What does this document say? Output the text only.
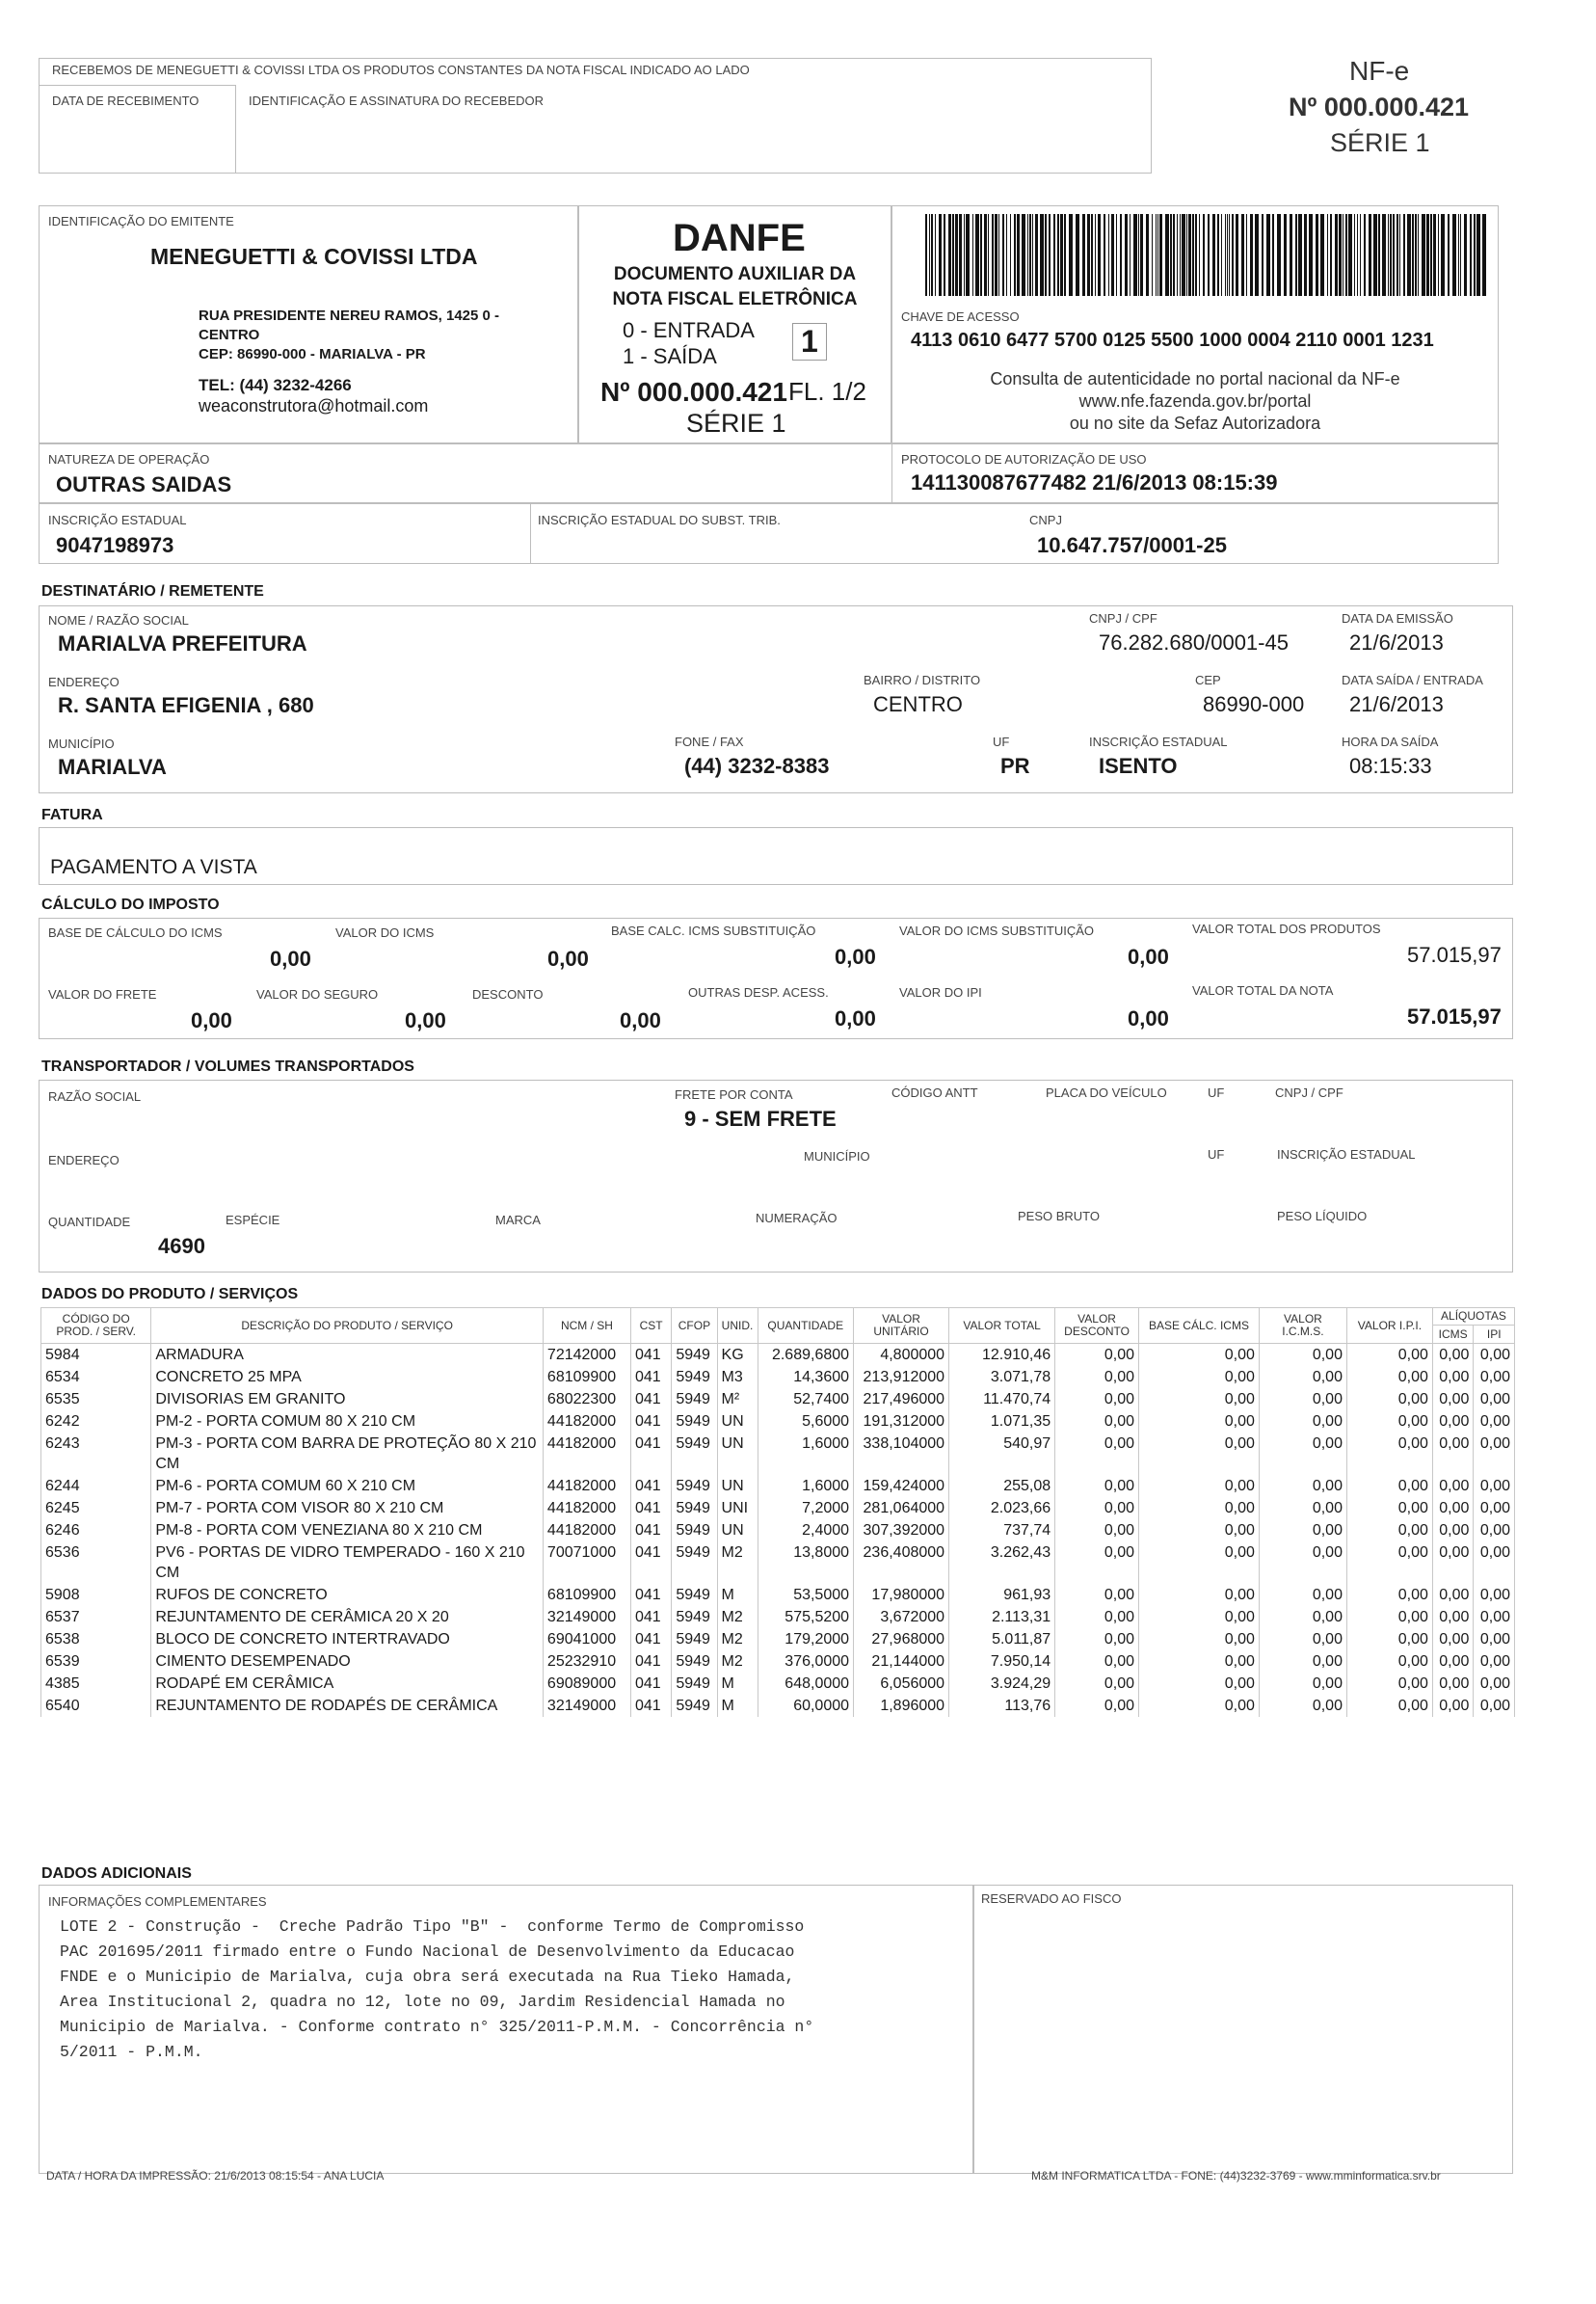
RECEBEMOS DE MENEGUETTI & COVISSI LTDA OS PRODUTOS CONSTANTES DA NOTA FISCAL INDICADO AO LADO
DATA DE RECEBIMENTO	IDENTIFICAÇÃO E ASSINATURA DO RECEBEDOR
NF-e
Nº 000.000.421
SÉRIE 1
IDENTIFICAÇÃO DO EMITENTE
MENEGUETTI & COVISSI LTDA
RUA PRESIDENTE NEREU RAMOS, 1425 0 -
CENTRO
CEP: 86990-000 - MARIALVA - PR
TEL: (44) 3232-4266
weaconstrutora@hotmail.com
DANFE
DOCUMENTO AUXILIAR DA
NOTA FISCAL ELETRÔNICA
0 - ENTRADA
1 - SAÍDA	1
Nº 000.000.421 FL. 1/2
SÉRIE 1
CHAVE DE ACESSO
4113 0610 6477 5700 0125 5500 1000 0004 2110 0001 1231
Consulta de autenticidade no portal nacional da NF-e
www.nfe.fazenda.gov.br/portal
ou no site da Sefaz Autorizadora
NATUREZA DE OPERAÇÃO
OUTRAS SAIDAS
PROTOCOLO DE AUTORIZAÇÃO DE USO
141130087677482 21/6/2013 08:15:39
INSCRIÇÃO ESTADUAL
9047198973
INSCRIÇÃO ESTADUAL DO SUBST. TRIB.	CNPJ
10.647.757/0001-25
DESTINATÁRIO / REMETENTE
NOME / RAZÃO SOCIAL
MARIALVA PREFEITURA
CNPJ / CPF
76.282.680/0001-45
DATA DA EMISSÃO
21/6/2013
ENDEREÇO
R. SANTA EFIGENIA , 680
BAIRRO / DISTRITO
CENTRO
CEP
86990-000
DATA SAÍDA / ENTRADA
21/6/2013
MUNICÍPIO
MARIALVA
FONE / FAX
(44) 3232-8383
UF
PR
INSCRIÇÃO ESTADUAL
ISENTO
HORA DA SAÍDA
08:15:33
FATURA
PAGAMENTO A VISTA
CÁLCULO DO IMPOSTO
BASE DE CÁLCULO DO ICMS
0,00
VALOR DO ICMS
0,00
BASE CALC. ICMS SUBSTITUIÇÃO
0,00
VALOR DO ICMS SUBSTITUIÇÃO
0,00
VALOR TOTAL DOS PRODUTOS
57.015,97
VALOR DO FRETE
0,00
VALOR DO SEGURO
0,00
DESCONTO
0,00
OUTRAS DESP. ACESS.
0,00
VALOR DO IPI
0,00
VALOR TOTAL DA NOTA
57.015,97
TRANSPORTADOR / VOLUMES TRANSPORTADOS
RAZÃO SOCIAL	FRETE POR CONTA
9 - SEM FRETE
CÓDIGO ANTT	PLACA DO VEÍCULO	UF	CNPJ / CPF
ENDEREÇO	MUNICÍPIO	UF	INSCRIÇÃO ESTADUAL
QUANTIDADE
4690
ESPÉCIE	MARCA	NUMERAÇÃO	PESO BRUTO	PESO LÍQUIDO
DADOS DO PRODUTO / SERVIÇOS
CÓDIGO DO PROD. / SERV.	DESCRIÇÃO DO PRODUTO / SERVIÇO	NCM / SH	CST	CFOP	UNID.	QUANTIDADE	VALOR UNITÁRIO	VALOR TOTAL	VALOR DESCONTO	BASE CÁLC. ICMS	VALOR I.C.M.S.	VALOR I.P.I.	ALÍQUOTAS	
													ICMS	IPI
5984	ARMADURA	72142000	041	5949	KG	2.689,6800	4,800000	12.910,46	0,00	0,00	0,00	0,00	0,00	0,00
6534	CONCRETO 25 MPA	68109900	041	5949	M3	14,3600	213,912000	3.071,78	0,00	0,00	0,00	0,00	0,00	0,00
6535	DIVISORIAS EM GRANITO	68022300	041	5949	M²	52,7400	217,496000	11.470,74	0,00	0,00	0,00	0,00	0,00	0,00
6242	PM-2 - PORTA COMUM 80 X 210 CM	44182000	041	5949	UN	5,6000	191,312000	1.071,35	0,00	0,00	0,00	0,00	0,00	0,00
6243	PM-3 - PORTA COM BARRA DE PROTEÇÃO 80 X 210 CM	44182000	041	5949	UN	1,6000	338,104000	540,97	0,00	0,00	0,00	0,00	0,00	0,00
6244	PM-6 - PORTA COMUM 60 X 210 CM	44182000	041	5949	UN	1,6000	159,424000	255,08	0,00	0,00	0,00	0,00	0,00	0,00
6245	PM-7 - PORTA COM VISOR 80 X 210 CM	44182000	041	5949	UNI	7,2000	281,064000	2.023,66	0,00	0,00	0,00	0,00	0,00	0,00
6246	PM-8 - PORTA COM VENEZIANA 80 X 210 CM	44182000	041	5949	UN	2,4000	307,392000	737,74	0,00	0,00	0,00	0,00	0,00	0,00
6536	PV6 - PORTAS DE VIDRO TEMPERADO - 160 X 210 CM	70071000	041	5949	M2	13,8000	236,408000	3.262,43	0,00	0,00	0,00	0,00	0,00	0,00
5908	RUFOS DE CONCRETO	68109900	041	5949	M	53,5000	17,980000	961,93	0,00	0,00	0,00	0,00	0,00	0,00
6537	REJUNTAMENTO DE CERÂMICA 20 X 20	32149000	041	5949	M2	575,5200	3,672000	2.113,31	0,00	0,00	0,00	0,00	0,00	0,00
6538	BLOCO DE CONCRETO INTERTRAVADO	69041000	041	5949	M2	179,2000	27,968000	5.011,87	0,00	0,00	0,00	0,00	0,00	0,00
6539	CIMENTO DESEMPENADO	25232910	041	5949	M2	376,0000	21,144000	7.950,14	0,00	0,00	0,00	0,00	0,00	0,00
4385	RODAPÉ EM CERÂMICA	69089000	041	5949	M	648,0000	6,056000	3.924,29	0,00	0,00	0,00	0,00	0,00	0,00
6540	REJUNTAMENTO DE RODAPÉS DE CERÂMICA	32149000	041	5949	M	60,0000	1,896000	113,76	0,00	0,00	0,00	0,00	0,00	0,00
DADOS ADICIONAIS
INFORMAÇÕES COMPLEMENTARES	RESERVADO AO FISCO
LOTE 2 - Construção -  Creche Padrão Tipo "B" -  conforme Termo de Compromisso
PAC 201695/2011 firmado entre o Fundo Nacional de Desenvolvimento da Educacao
FNDE e o Municipio de Marialva, cuja obra será executada na Rua Tieko Hamada,
Area Institucional 2, quadra no 12, lote no 09, Jardim Residencial Hamada no
Municipio de Marialva. - Conforme contrato n° 325/2011-P.M.M. - Concorrência n°
5/2011 - P.M.M.
DATA / HORA DA IMPRESSÃO: 21/6/2013 08:15:54 - ANA LUCIA	M&M INFORMATICA LTDA - FONE: (44)3232-3769 - www.mminformatica.srv.br
